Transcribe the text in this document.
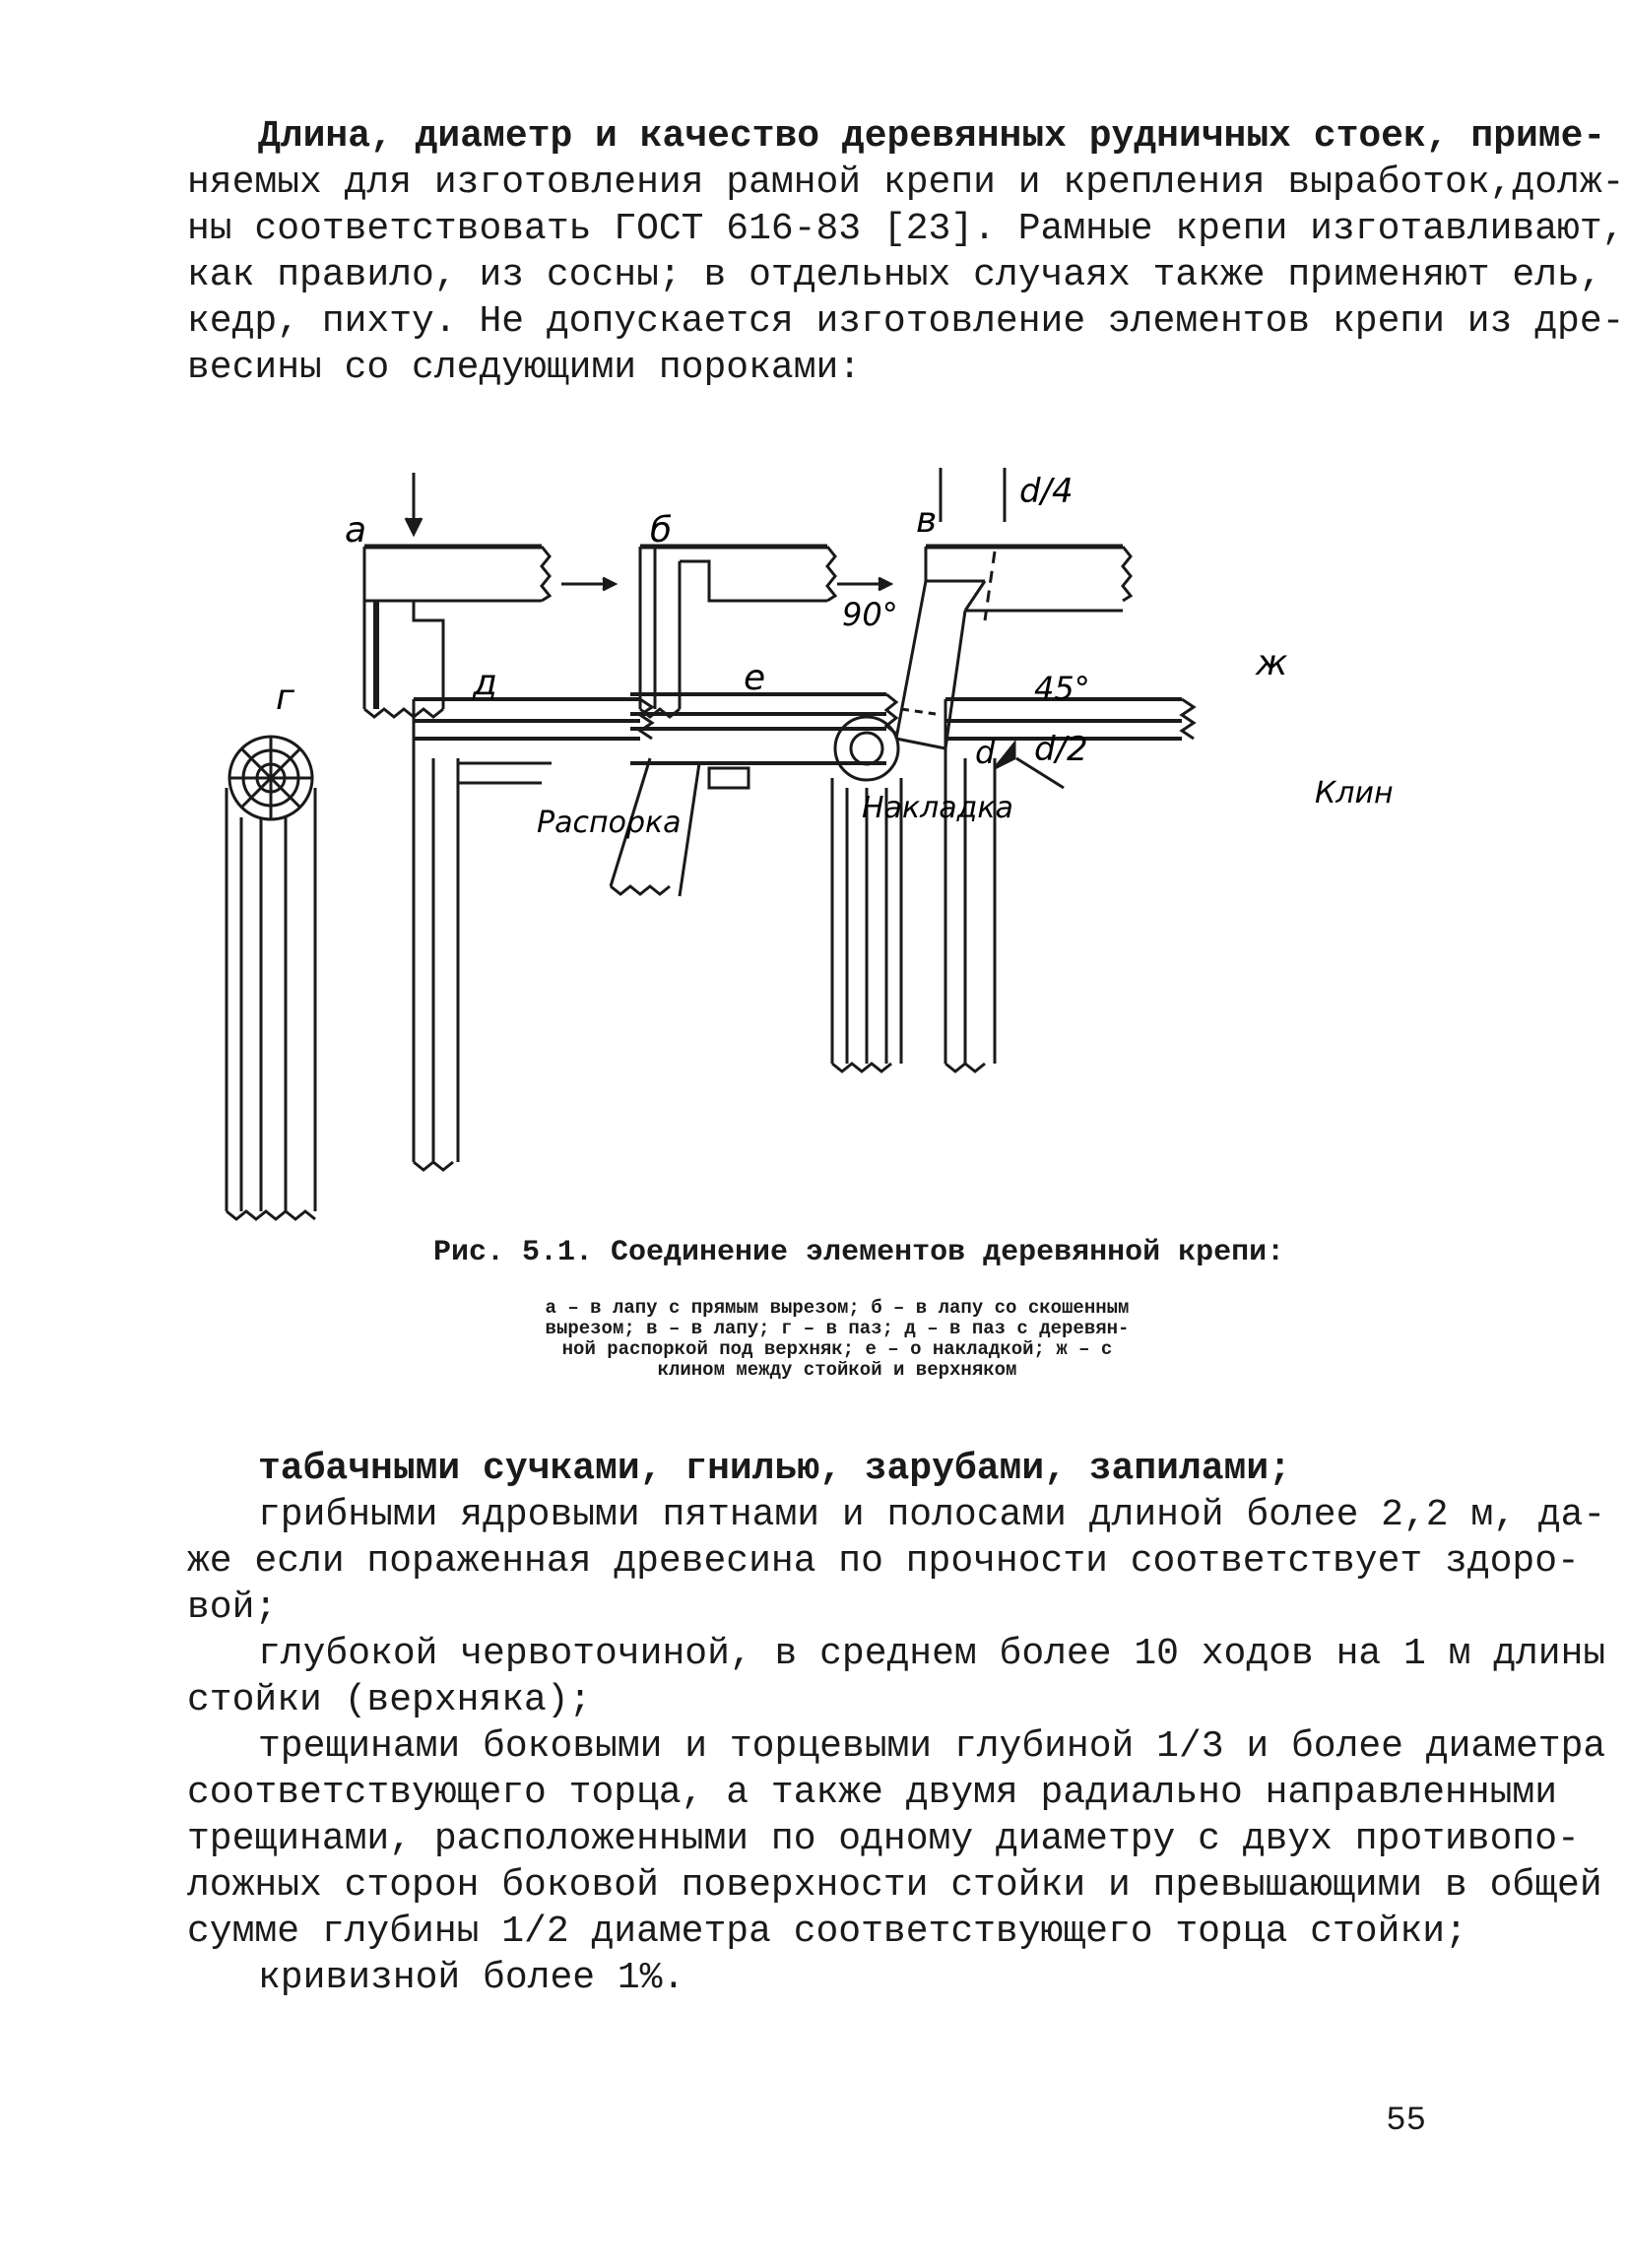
Длина, диаметр и качество деревянных рудничных стоек, приме-
няемых для изготовления рамной крепи и крепления выработок,долж-
ны соответствовать ГОСТ 616-83 [23]. Рамные крепи изготавливают,
как правило, из сосны; в отдельных случаях также применяют ель,
кедр, пихту. Не допускается изготовление элементов крепи из дре-
весины со следующими пороками:

а	б	в
г	д	е	ж
d/4
90°
45°
d d/2
Распорка	Накладка	Клин
Рис. 5.1. Соединение элементов деревянной крепи:
а – в лапу с прямым вырезом; б – в лапу со скошенным
вырезом; в – в лапу; г – в паз; д – в паз с деревян-
ной распоркой под верхняк; е – о накладкой; ж – с
клином между стойкой и верхняком
табачными сучками, гнилью, зарубами, запилами;
грибными ядровыми пятнами и полосами длиной более 2,2 м, да-
же если пораженная древесина по прочности соответствует здоро-
вой;
глубокой червоточиной, в среднем более 10 ходов на 1 м длины
стойки (верхняка);
трещинами боковыми и торцевыми глубиной 1/3 и более диаметра
соответствующего торца, а также двумя радиально направленными
трещинами, расположенными по одному диаметру с двух противопо-
ложных сторон боковой поверхности стойки и превышающими в общей
сумме глубины 1/2 диаметра соответствующего торца стойки;
кривизной более 1%.
55
